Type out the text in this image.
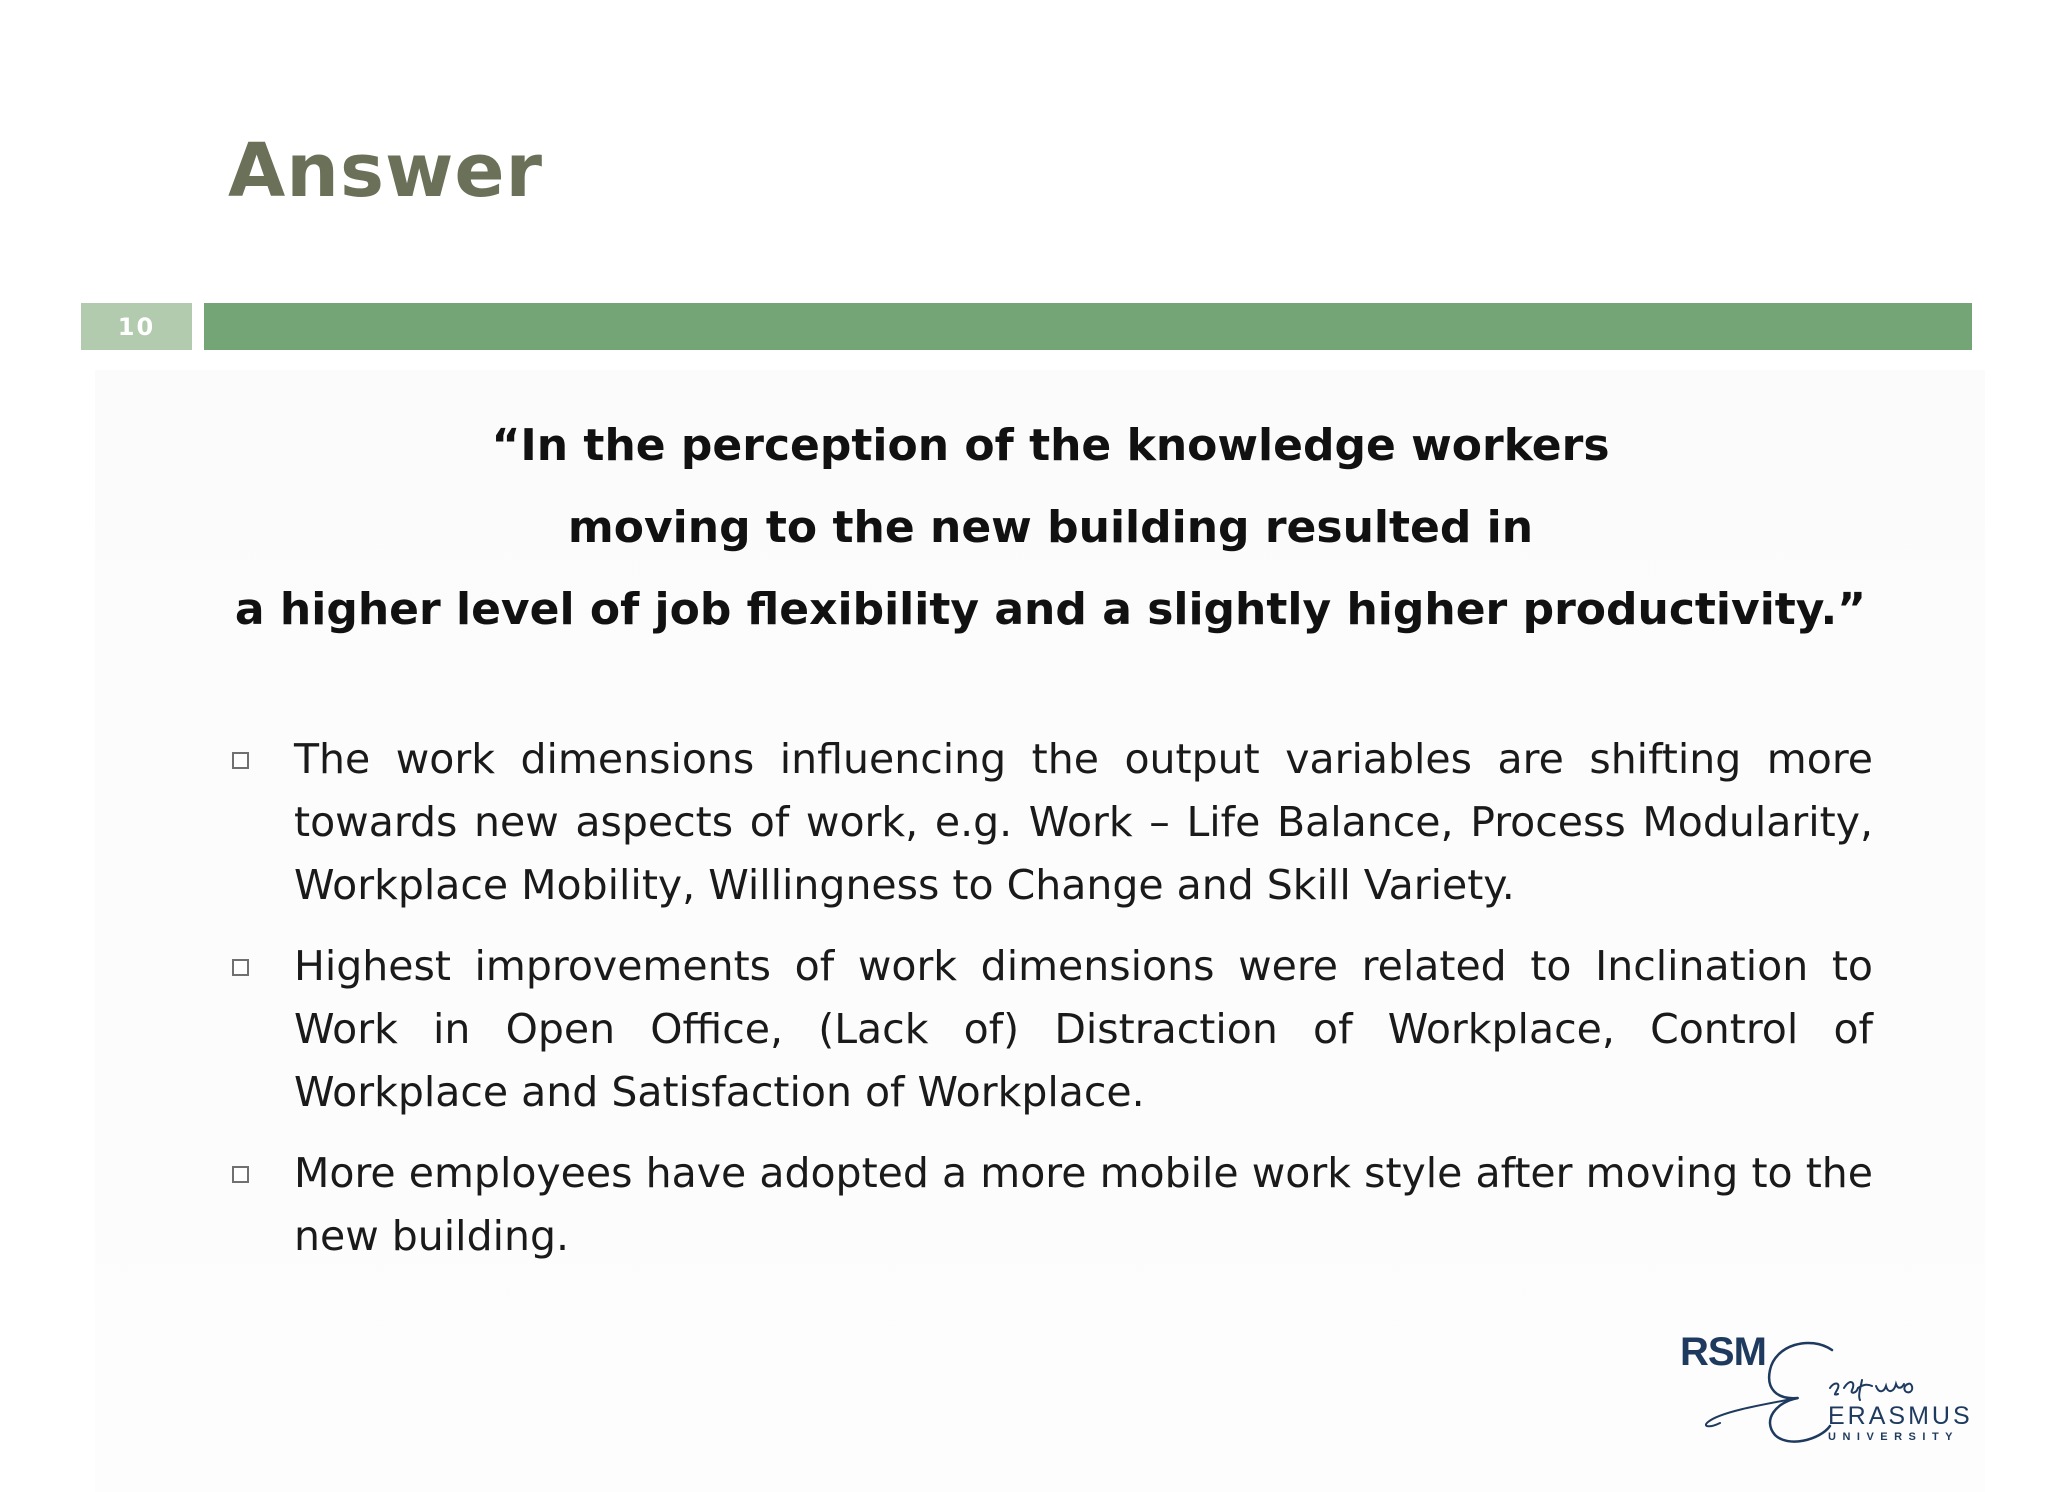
Answer
10
“In the perception of the knowledge workers
moving to the new building resulted in
a higher level of job flexibility and a slightly higher productivity.”
The work dimensions influencing the output variables are shifting more towards new aspects of work, e.g. Work – Life Balance, Process Modularity, Workplace Mobility, Willingness to Change and Skill Variety.
Highest improvements of work dimensions were related to Inclination to Work in Open Office, (Lack of) Distraction of Workplace, Control of Workplace and Satisfaction of Workplace.
More employees have adopted a more mobile work style after moving to the new building.
RSM
ERASMUS
UNIVERSITY
